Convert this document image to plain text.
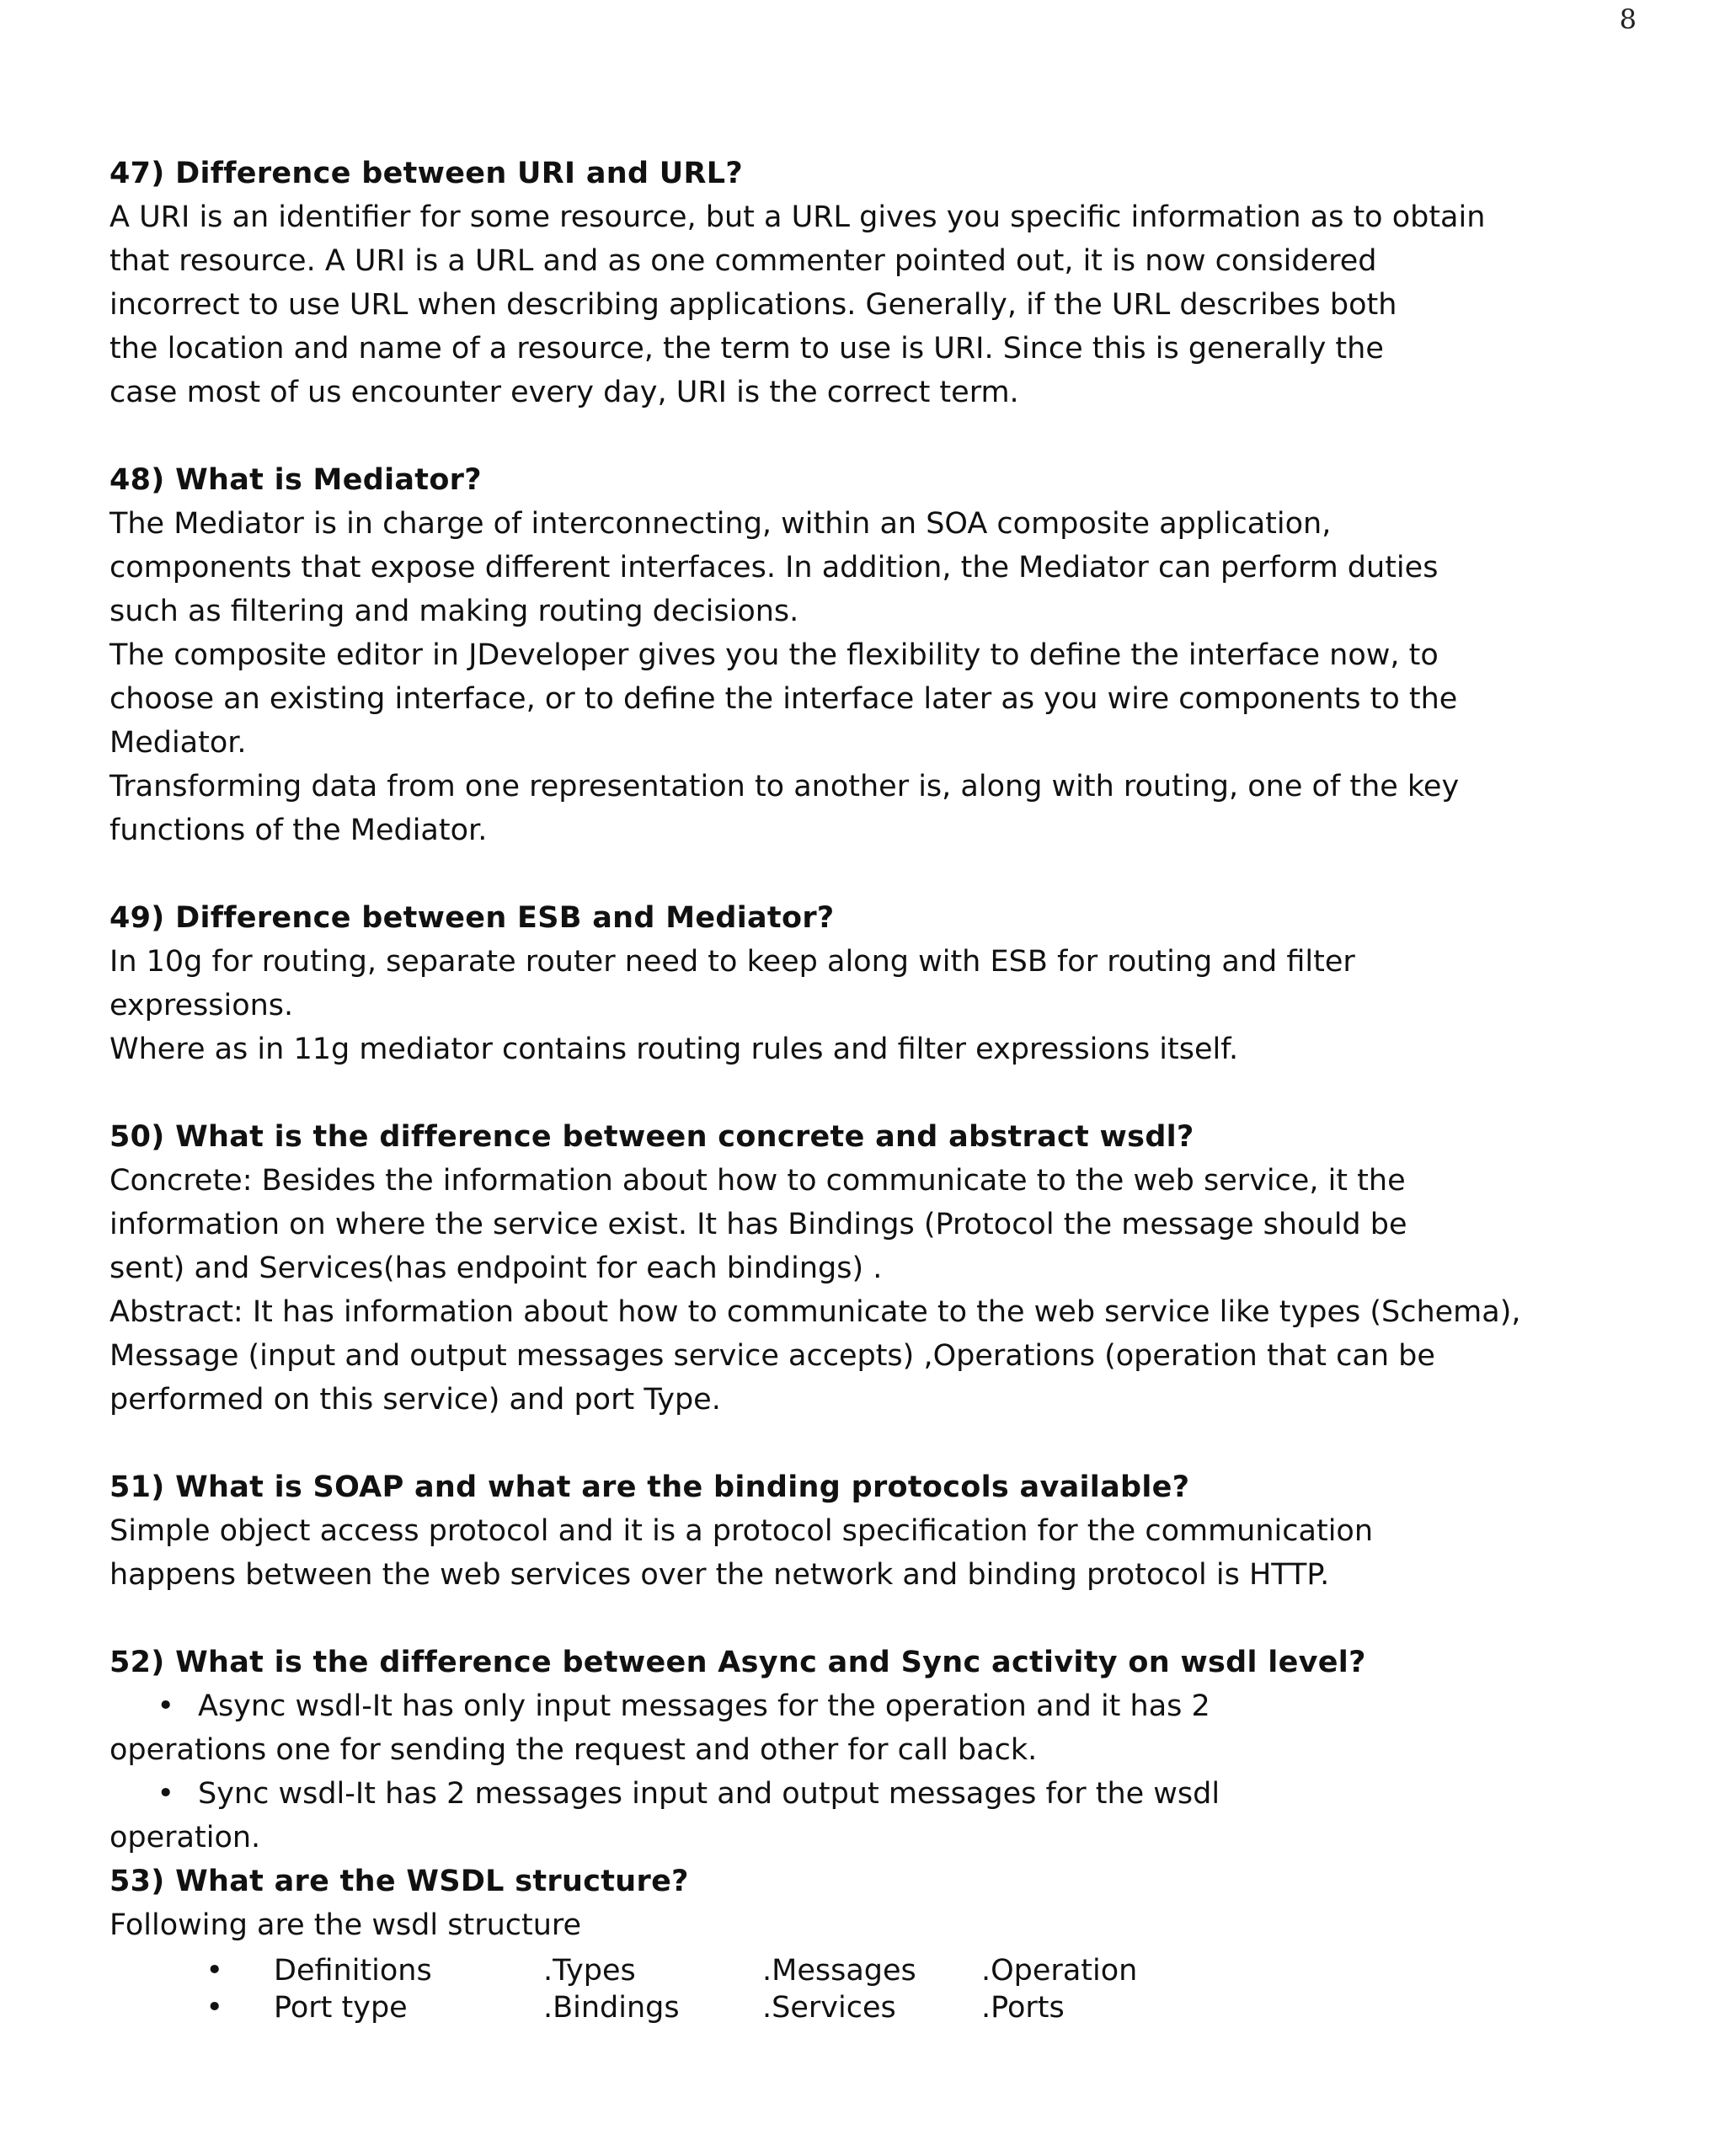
8

47) Difference between URI and URL?

A URI is an identifier for some resource, but a URL gives you specific information as to obtain

that resource. A URI is a URL and as one commenter pointed out, it is now considered

incorrect to use URL when describing applications. Generally, if the URL describes both

the location and name of a resource, the term to use is URI. Since this is generally the

case most of us encounter every day, URI is the correct term.

48) What is Mediator?

The Mediator is in charge of interconnecting, within an SOA composite application,

components that expose different interfaces. In addition, the Mediator can perform duties

such as filtering and making routing decisions.

The composite editor in JDeveloper gives you the flexibility to define the interface now, to

choose an existing interface, or to define the interface later as you wire components to the

Mediator.

Transforming data from one representation to another is, along with routing, one of the key

functions of the Mediator.

49) Difference between ESB and Mediator?

In 10g for routing, separate router need to keep along with ESB for routing and filter

expressions.

Where as in 11g mediator contains routing rules and filter expressions itself.

50) What is the difference between concrete and abstract wsdl?

Concrete: Besides the information about how to communicate to the web service, it the

information on where the service exist. It has Bindings (Protocol the message should be

sent) and Services(has endpoint for each bindings) .

Abstract: It has information about how to communicate to the web service like types (Schema),

Message (input and output messages service accepts) ,Operations (operation that can be

performed on this service) and port Type.

51) What is SOAP and what are the binding protocols available?

Simple object access protocol and it is a protocol specification for the communication

happens between the web services over the network and binding protocol is HTTP.

52) What is the difference between Async and Sync activity on wsdl level?

• Async wsdl-It has only input messages for the operation and it has 2

operations one for sending the request and other for call back.

• Sync wsdl-It has 2 messages input and output messages for the wsdl

operation.

53) What are the WSDL structure?

Following are the wsdl structure

•	Definitions	.Types	.Messages	.Operation
•	Port type	.Bindings	.Services	.Ports
